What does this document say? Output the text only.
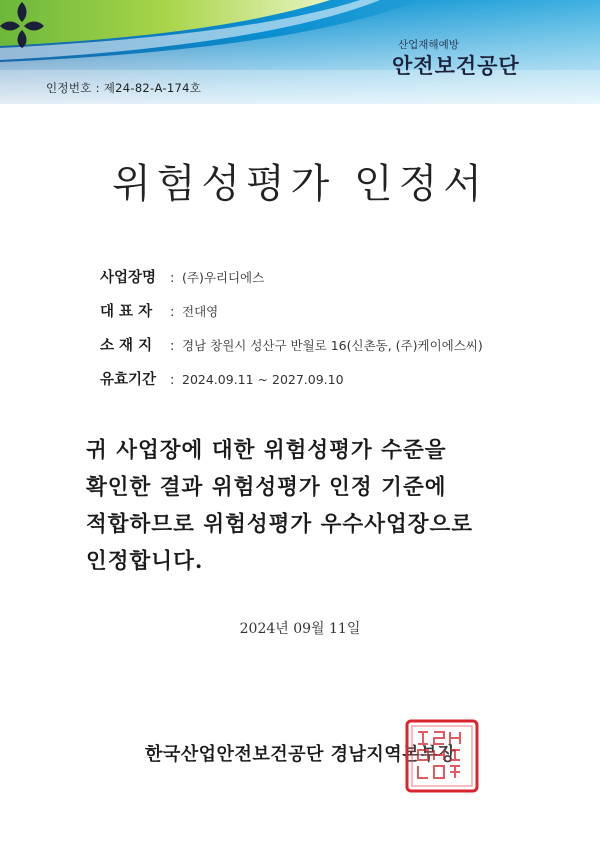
인정번호 : 제24-82-A-174호
산업재해예방
안전보건공단
위험성평가 인정서
사업장명 : (주)우리디에스
대 표 자 : 전대영
소 재 지 : 경남 창원시 성산구 반월로 16(신촌동, (주)케이에스씨)
유효기간 : 2024.09.11 ~ 2027.09.10
귀 사업장에 대한 위험성평가 수준을
확인한 결과 위험성평가 인정 기준에
적합하므로 위험성평가 우수사업장으로
인정합니다.
2024년 09월 11일
한국산업안전보건공단 경남지역본부장
